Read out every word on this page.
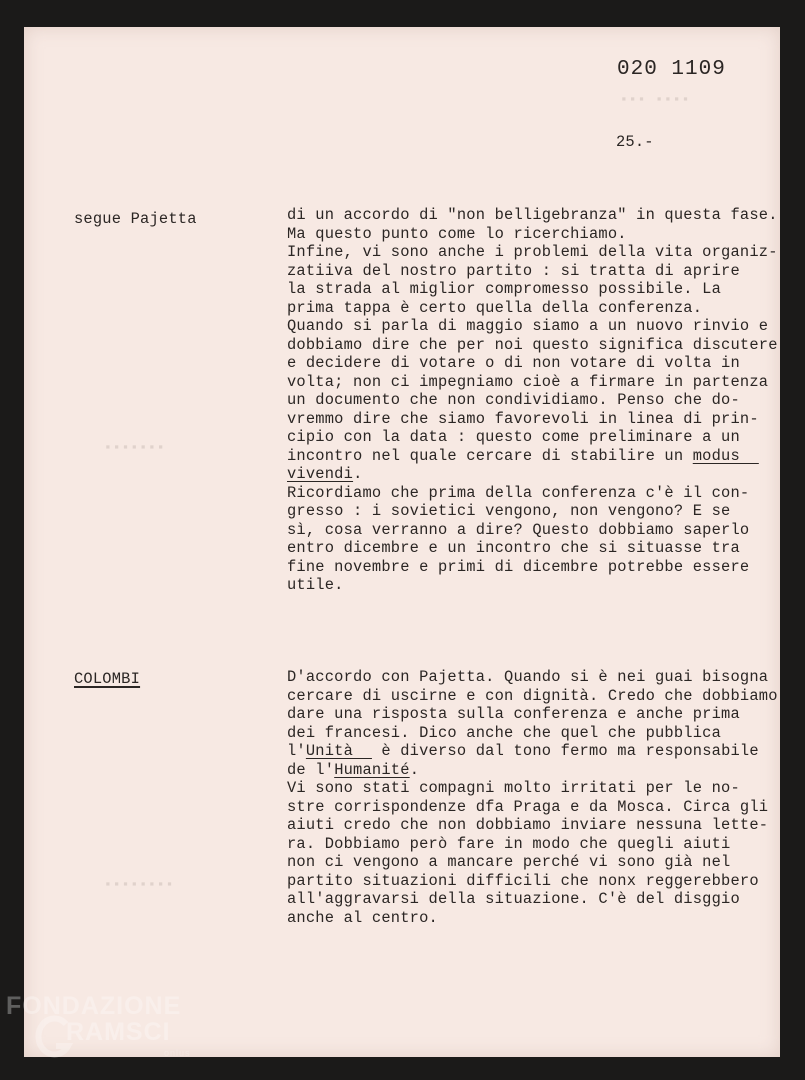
▪▪▪ ▪▪▪▪
▪▪▪▪▪▪▪
▪▪▪▪▪▪▪▪
020 1109
25.-
segue Pajetta	di un accordo di "non belligebranza" in questa fase.
Ma questo punto come lo ricerchiamo.
Infine, vi sono anche i problemi della vita organiz-
zatiiva del nostro partito : si tratta di aprire
la strada al miglior compromesso possibile. La
prima tappa è certo quella della conferenza.
Quando si parla di maggio siamo a un nuovo rinvio e
dobbiamo dire che per noi questo significa discutere
e decidere di votare o di non votare di volta in
volta; non ci impegniamo cioè a firmare in partenza
un documento che non condividiamo. Penso che do-
vremmo dire che siamo favorevoli in linea di prin-
cipio con la data : questo come preliminare a un
incontro nel quale cercare di stabilire un modus
vivendi.
Ricordiamo che prima della conferenza c'è il con-
gresso : i sovietici vengono, non vengono? E se
sì, cosa verranno a dire? Questo dobbiamo saperlo
entro dicembre e un incontro che si situasse tra
fine novembre e primi di dicembre potrebbe essere
utile.
COLOMBI	D'accordo con Pajetta. Quando si è nei guai bisogna
cercare di uscirne e con dignità. Credo che dobbiamo
dare una risposta sulla conferenza e anche prima
dei francesi. Dico anche che quel che pubblica
l'Unità   è diverso dal tono fermo ma responsabile
de l'Humanité.
Vi sono stati compagni molto irritati per le no-
stre corrispondenze dfa Praga e da Mosca. Circa gli
aiuti credo che non dobbiamo inviare nessuna lette-
ra. Dobbiamo però fare in modo che quegli aiuti
non ci vengono a mancare perché vi sono già nel
partito situazioni difficili che nonx reggerebbero
all'aggravarsi della situazione. C'è del disggio
anche al centro.
FONDAZIONE
RAMSCI
onlus
